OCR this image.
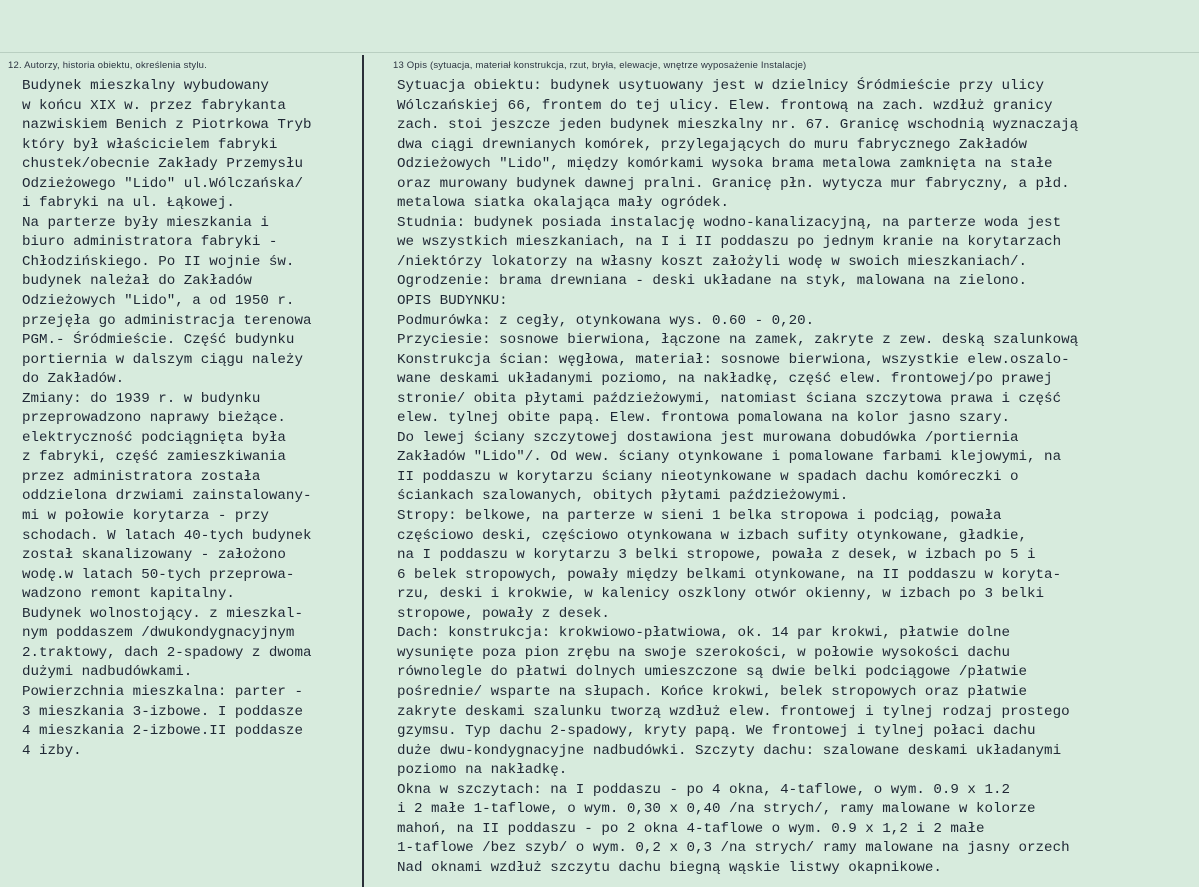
12. Autorzy, historia obiektu, określenia stylu.	13 Opis (sytuacja, materiał konstrukcja, rzut, bryła, elewacje, wnętrze wyposażenie Instalacje)
Budynek mieszkalny wybudowany
w końcu XIX w. przez fabrykanta
nazwiskiem Benich z Piotrkowa Tryb
który był właścicielem fabryki
chustek/obecnie Zakłady Przemysłu
Odzieżowego "Lido" ul.Wólczańska/
i fabryki na ul. Łąkowej.
Na parterze były mieszkania i
biuro administratora fabryki -
Chłodzińskiego. Po II wojnie św.
budynek należał do Zakładów
Odzieżowych "Lido", a od 1950 r.
przejęła go administracja terenowa
PGM.- Śródmieście. Część budynku
portiernia w dalszym ciągu należy
do Zakładów.
Zmiany: do 1939 r. w budynku
przeprowadzono naprawy bieżące.
elektryczność podciągnięta była
z fabryki, część zamieszkiwania
przez administratora została
oddzielona drzwiami zainstalowany-
mi w połowie korytarza - przy
schodach. W latach 40-tych budynek
został skanalizowany - założono
wodę.w latach 50-tych przeprowa-
wadzono remont kapitalny.
Budynek wolnostojący. z mieszkal-
nym poddaszem /dwukondygnacyjnym
2.traktowy, dach 2-spadowy z dwoma
dużymi nadbudówkami.
Powierzchnia mieszkalna: parter -
3 mieszkania 3-izbowe. I poddasze
4 mieszkania 2-izbowe.II poddasze
4 izby.
Sytuacja obiektu: budynek usytuowany jest w dzielnicy Śródmieście przy ulicy
Wólczańskiej 66, frontem do tej ulicy. Elew. frontową na zach. wzdłuż granicy
zach. stoi jeszcze jeden budynek mieszkalny nr. 67. Granicę wschodnią wyznaczają
dwa ciągi drewnianych komórek, przylegających do muru fabrycznego Zakładów
Odzieżowych "Lido", między komórkami wysoka brama metalowa zamknięta na stałe
oraz murowany budynek dawnej pralni. Granicę płn. wytycza mur fabryczny, a płd.
metalowa siatka okalająca mały ogródek.
Studnia: budynek posiada instalację wodno-kanalizacyjną, na parterze woda jest
we wszystkich mieszkaniach, na I i II poddaszu po jednym kranie na korytarzach
/niektórzy lokatorzy na własny koszt założyli wodę w swoich mieszkaniach/.
Ogrodzenie: brama drewniana - deski układane na styk, malowana na zielono.
OPIS BUDYNKU:
Podmurówka: z cegły, otynkowana wys. 0.60 - 0,20.
Przyciesie: sosnowe bierwiona, łączone na zamek, zakryte z zew. deską szalunkową
Konstrukcja ścian: węgłowa, materiał: sosnowe bierwiona, wszystkie elew.oszalo-
wane deskami układanymi poziomo, na nakładkę, część elew. frontowej/po prawej
stronie/ obita płytami paździeżowymi, natomiast ściana szczytowa prawa i część
elew. tylnej obite papą. Elew. frontowa pomalowana na kolor jasno szary.
Do lewej ściany szczytowej dostawiona jest murowana dobudówka /portiernia
Zakładów "Lido"/. Od wew. ściany otynkowane i pomalowane farbami klejowymi, na
II poddaszu w korytarzu ściany nieotynkowane w spadach dachu komóreczki o
ściankach szalowanych, obitych płytami paździeżowymi.
Stropy: belkowe, na parterze w sieni 1 belka stropowa i podciąg, powała
częściowo deski, częściowo otynkowana w izbach sufity otynkowane, gładkie,
na I poddaszu w korytarzu 3 belki stropowe, powała z desek, w izbach po 5 i
6 belek stropowych, powały między belkami otynkowane, na II poddaszu w koryta-
rzu, deski i krokwie, w kalenicy oszklony otwór okienny, w izbach po 3 belki
stropowe, powały z desek.
Dach: konstrukcja: krokwiowo-płatwiowa, ok. 14 par krokwi, płatwie dolne
wysunięte poza pion zrębu na swoje szerokości, w połowie wysokości dachu
równolegle do płatwi dolnych umieszczone są dwie belki podciągowe /płatwie
pośrednie/ wsparte na słupach. Końce krokwi, belek stropowych oraz płatwie
zakryte deskami szalunku tworzą wzdłuż elew. frontowej i tylnej rodzaj prostego
gzymsu. Typ dachu 2-spadowy, kryty papą. We frontowej i tylnej połaci dachu
duże dwu-kondygnacyjne nadbudówki. Szczyty dachu: szalowane deskami układanymi
poziomo na nakładkę.
Okna w szczytach: na I poddaszu - po 4 okna, 4-taflowe, o wym. 0.9 x 1.2
i 2 małe 1-taflowe, o wym. 0,30 x 0,40 /na strych/, ramy malowane w kolorze
mahoń, na II poddaszu - po 2 okna 4-taflowe o wym. 0.9 x 1,2 i 2 małe
1-taflowe /bez szyb/ o wym. 0,2 x 0,3 /na strych/ ramy malowane na jasny orzech
Nad oknami wzdłuż szczytu dachu biegną wąskie listwy okapnikowe.
